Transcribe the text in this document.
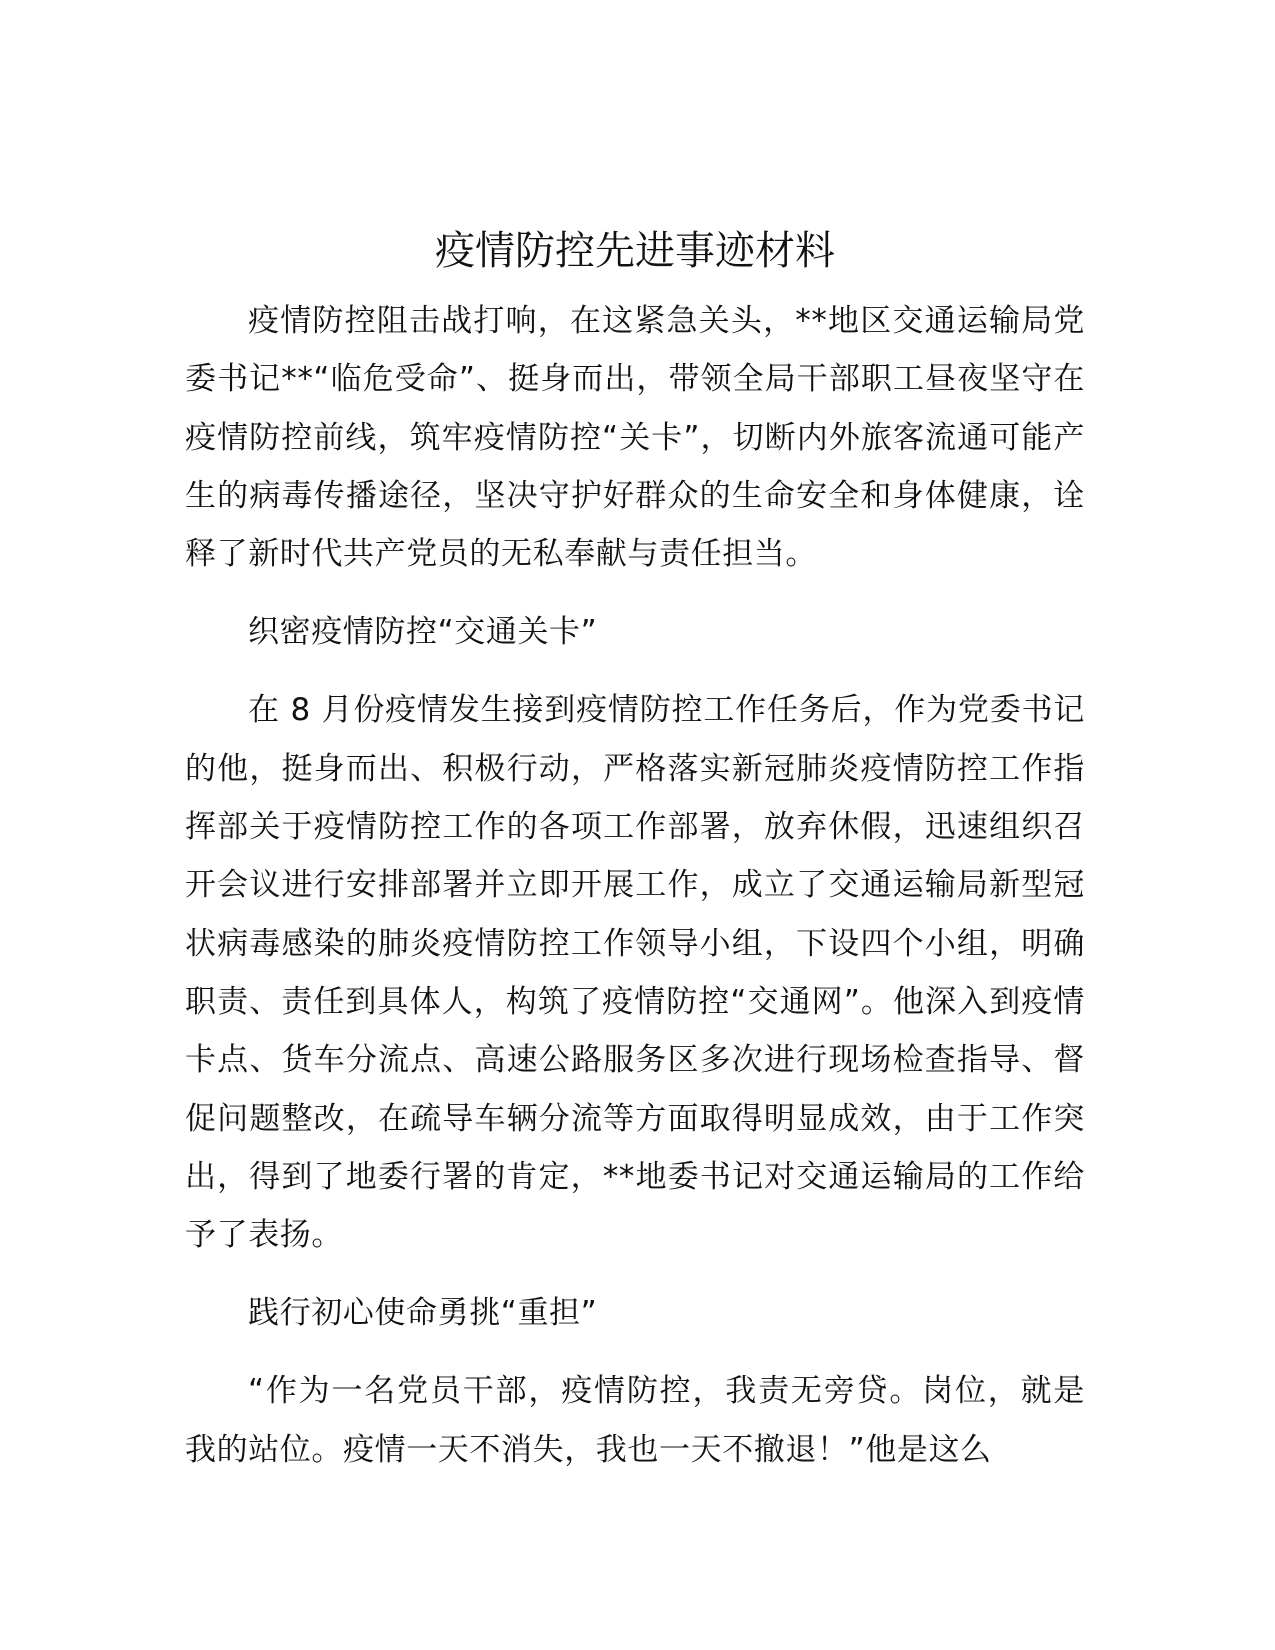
疫情防控先进事迹材料

疫情防控阻击战打响，在这紧急关头，**地区交通运输局党委书记**“临危受命”、挺身而出，带领全局干部职工昼夜坚守在疫情防控前线，筑牢疫情防控“关卡”，切断内外旅客流通可能产生的病毒传播途径，坚决守护好群众的生命安全和身体健康，诠释了新时代共产党员的无私奉献与责任担当。

织密疫情防控“交通关卡”

在 8 月份疫情发生接到疫情防控工作任务后，作为党委书记的他，挺身而出、积极行动，严格落实新冠肺炎疫情防控工作指挥部关于疫情防控工作的各项工作部署，放弃休假，迅速组织召开会议进行安排部署并立即开展工作，成立了交通运输局新型冠状病毒感染的肺炎疫情防控工作领导小组，下设四个小组，明确职责、责任到具体人，构筑了疫情防控“交通网”。他深入到疫情卡点、货车分流点、高速公路服务区多次进行现场检查指导、督促问题整改，在疏导车辆分流等方面取得明显成效，由于工作突出，得到了地委行署的肯定，**地委书记对交通运输局的工作给予了表扬。

践行初心使命勇挑“重担”

“作为一名党员干部，疫情防控，我责无旁贷。岗位，就是我的站位。疫情一天不消失，我也一天不撤退！”他是这么
